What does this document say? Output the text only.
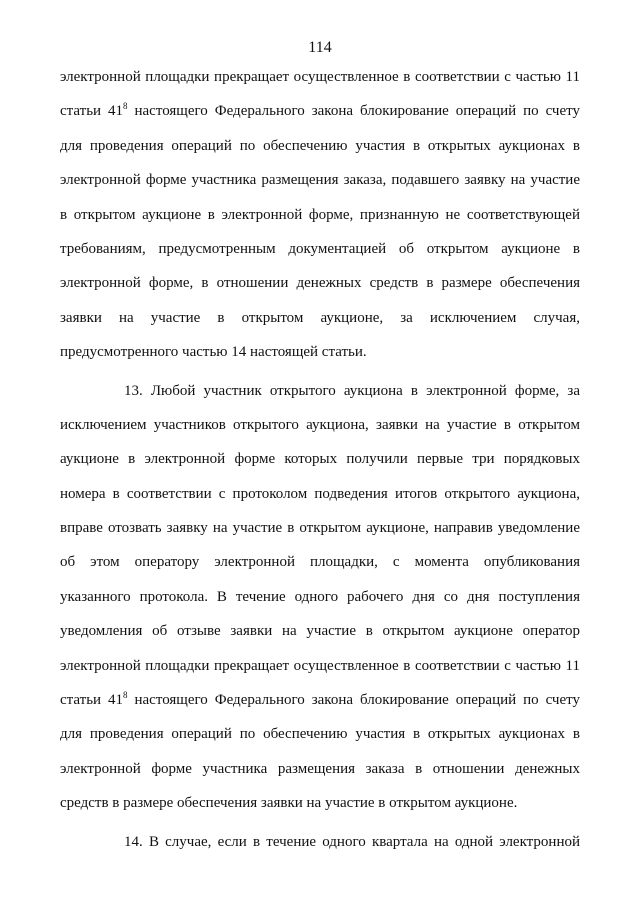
114
электронной площадки прекращает осуществленное в соответствии с частью 11
статьи $41^8$ настоящего Федерального закона блокирование операций по счету
для проведения операций по обеспечению участия в открытых аукционах в
электронной форме участника размещения заказа, подавшего заявку на участие
в открытом аукционе в электронной форме, признанную не соответствующей
требованиям, предусмотренным документацией об открытом аукционе в
электронной форме, в отношении денежных средств в размере обеспечения
заявки на участие в открытом аукционе, за исключением случая,
предусмотренного частью 14 настоящей статьи.
13. Любой участник открытого аукциона в электронной форме, за
исключением участников открытого аукциона, заявки на участие в открытом
аукционе в электронной форме которых получили первые три порядковых
номера в соответствии с протоколом подведения итогов открытого аукциона,
вправе отозвать заявку на участие в открытом аукционе, направив уведомление
об этом оператору электронной площадки, с момента опубликования
указанного протокола. В течение одного рабочего дня со дня поступления
уведомления об отзыве заявки на участие в открытом аукционе оператор
электронной площадки прекращает осуществленное в соответствии с частью 11
статьи $41^8$ настоящего Федерального закона блокирование операций по счету
для проведения операций по обеспечению участия в открытых аукционах в
электронной форме участника размещения заказа в отношении денежных
средств в размере обеспечения заявки на участие в открытом аукционе.
14. В случае, если в течение одного квартала на одной электронной
